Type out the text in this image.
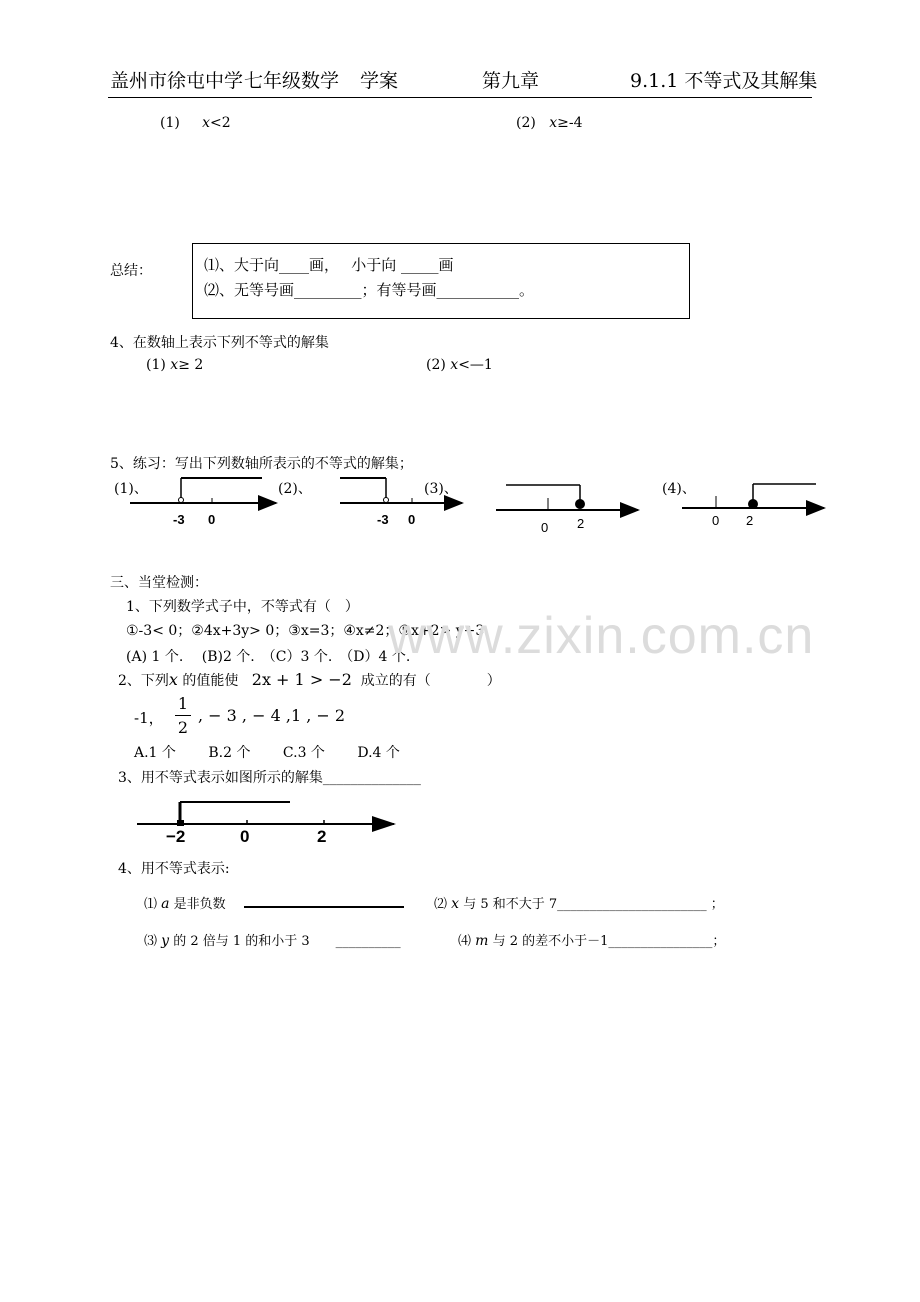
盖州市徐屯中学 七年级数学 学案	第九章	9.1.1 不等式及其解集
(1) x<2	(2) x≥-4
总结：	⑴、大于向____画，　 小于向 _____画
⑵、无等号画_________；有等号画___________。
4、在数轴上表示下列不等式的解集
(1) x≥ 2	(2) x<—1
5、练习：写出下列数轴所表示的不等式的解集；
(1)、	(2)、	(3)、	(4)、
-3 0	-3 0
0 2	0 2
三、当堂检测：
1、下列数学式子中，不等式有（　）
①-3< 0；②4x+3y> 0；③x=3；④x≠2；⑤x+2> y+3
(A) 1 个.　 (B)2 个.　（C）3 个.　（D）4 个.
2、下列x 的值能使 2x + 1 > −2 成立的有（　　　　）
-1，
1
2
, − 3 , − 4 ,1 , − 2
A.1 个　　 B.2 个　　 C.3 个　　 D.4 个
3、用不等式表示如图所示的解集______________
−2	0	2
4、用不等式表示:
⑴ a 是非负数	⑵ x 与 5 和不大于 7_______________________ ；
⑶ y 的 2 倍与 1 的和小于 3　　__________	⑷ m 与 2 的差不小于－1________________；
www.zixin.com.cn
